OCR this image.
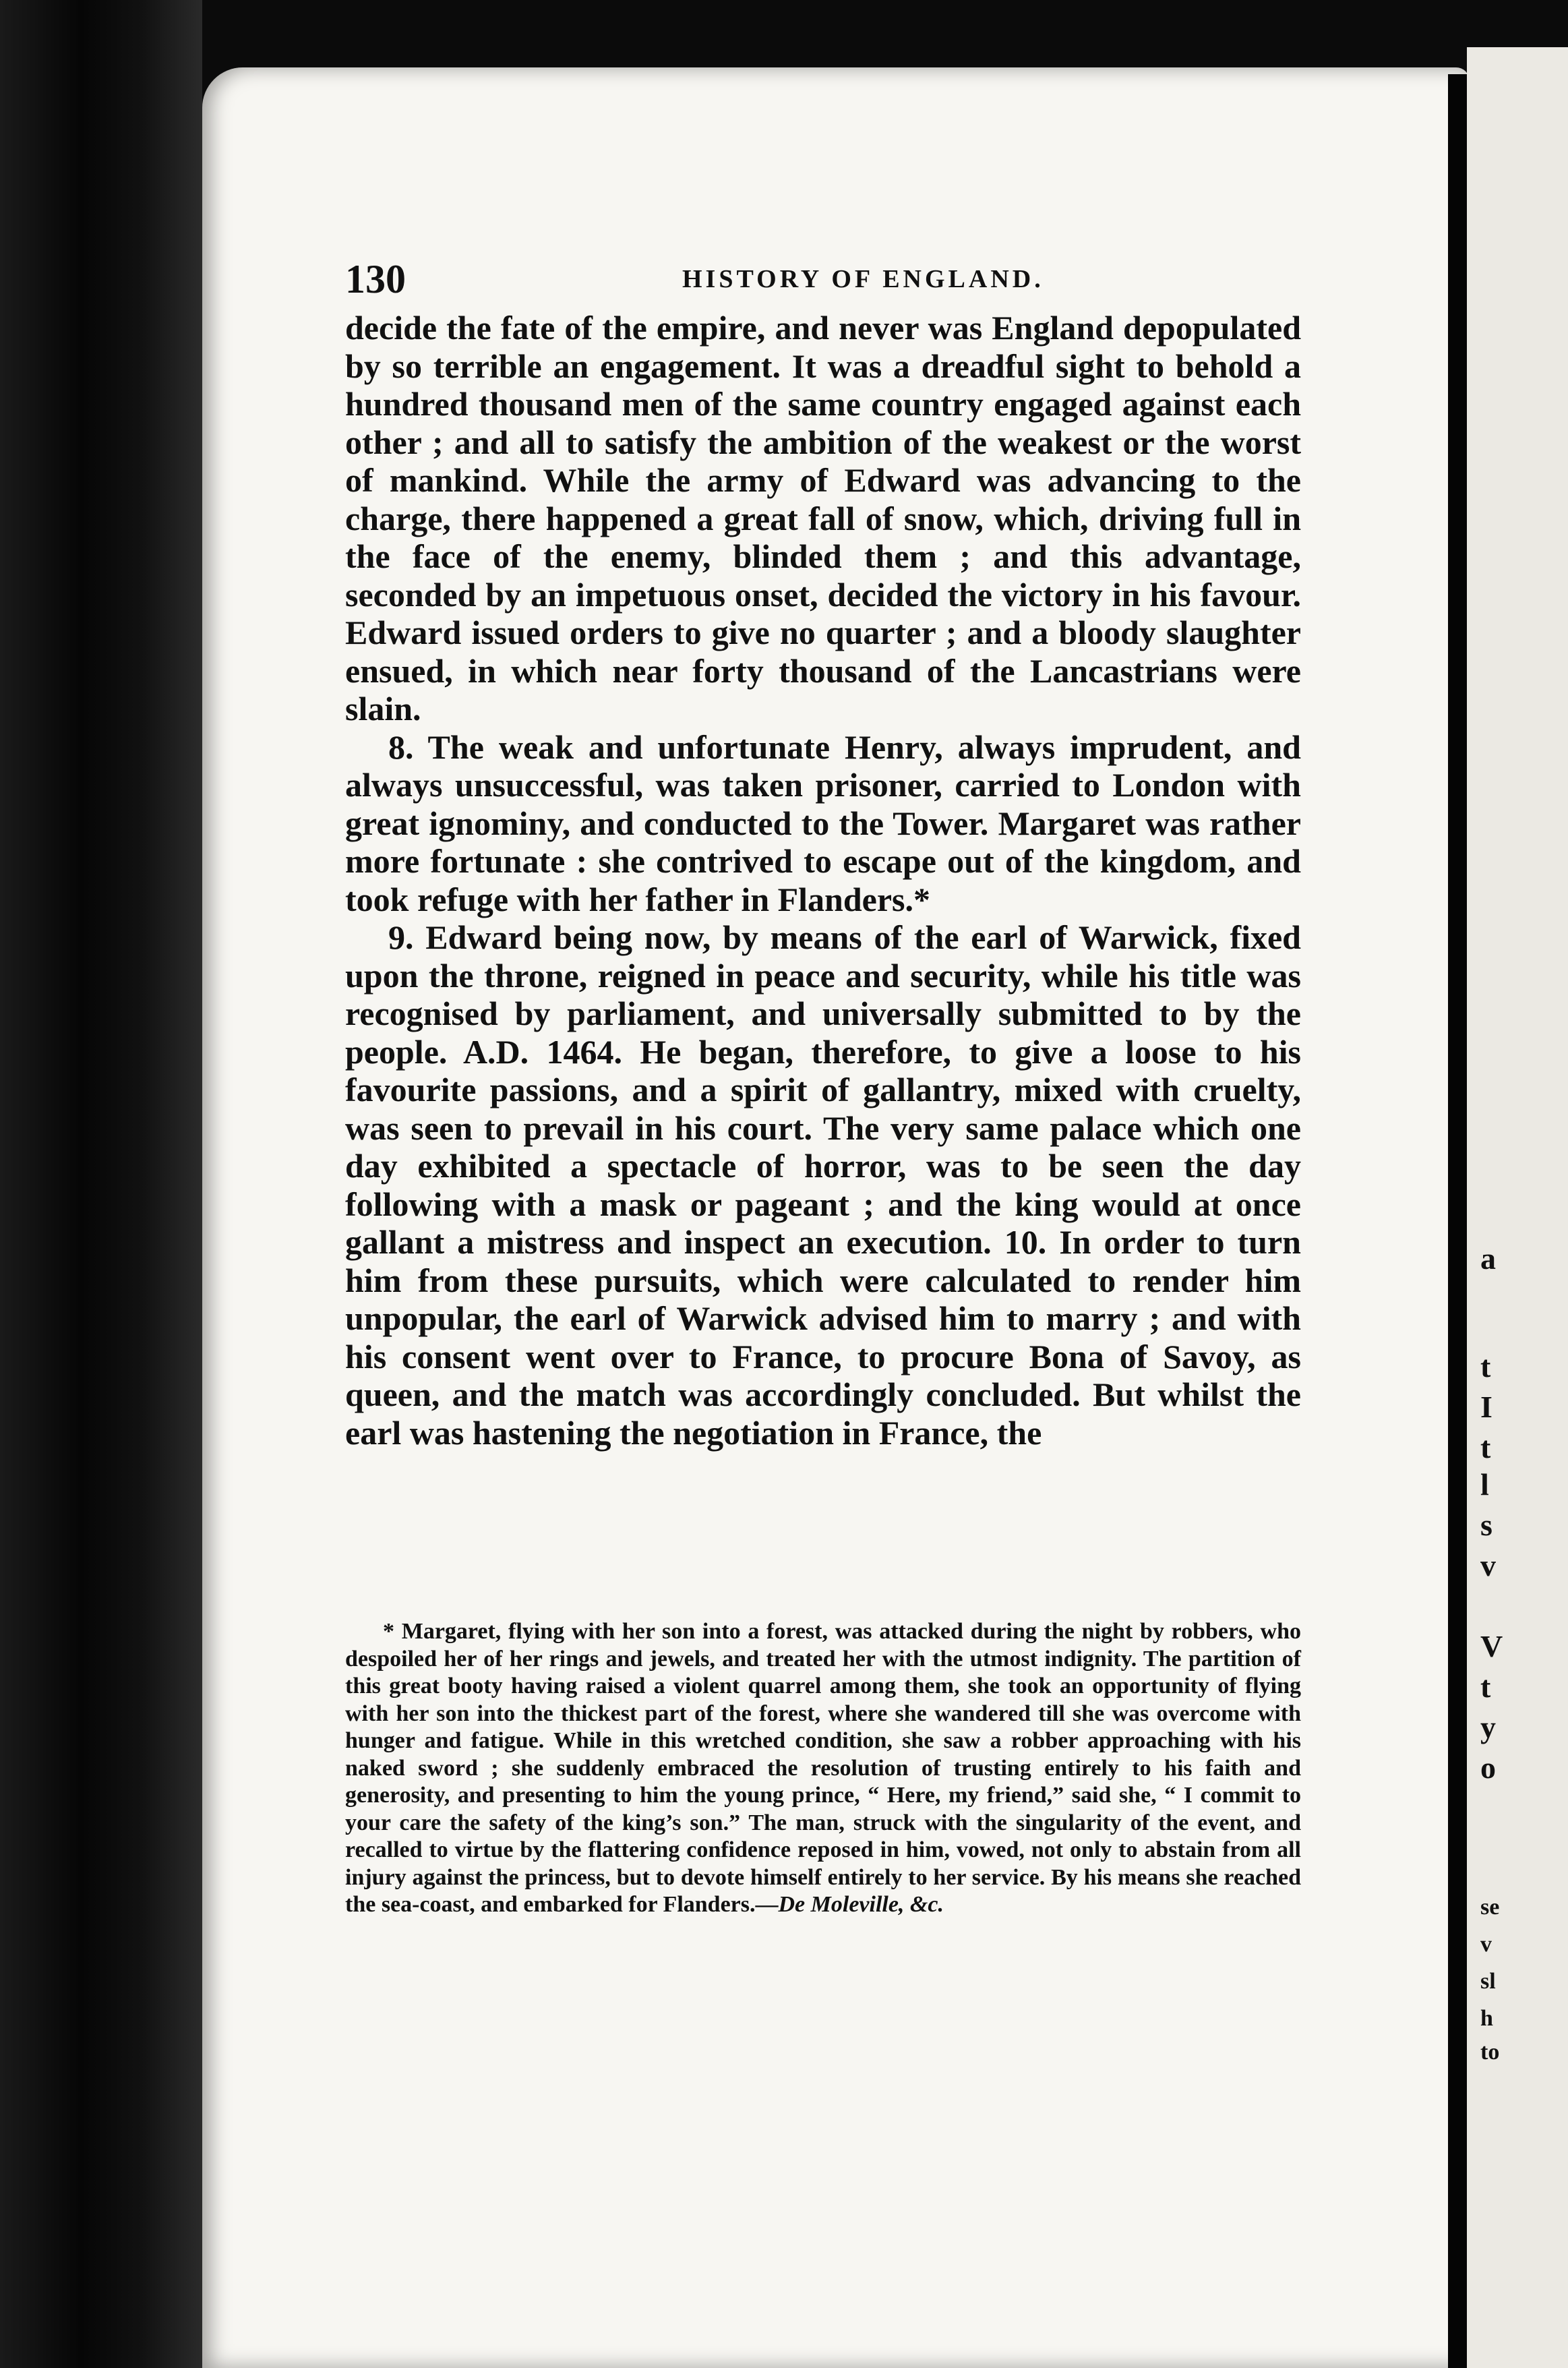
a
t
I
t
l
s
v
V
t
y
o
se
v
sl
h
to
130	HISTORY OF ENGLAND.

decide the fate of the empire, and never was England depopulated by so terrible an engagement. It was a dreadful sight to behold a hundred thousand men of the same country engaged against each other ; and all to satisfy the ambition of the weakest or the worst of mankind. While the army of Edward was advancing to the charge, there happened a great fall of snow, which, driving full in the face of the enemy, blinded them ; and this advantage, seconded by an impetuous onset, decided the victory in his favour. Edward issued orders to give no quarter ; and a bloody slaughter ensued, in which near forty thousand of the Lancastrians were slain.

8. The weak and unfortunate Henry, always imprudent, and always unsuccessful, was taken prisoner, carried to London with great ignominy, and conducted to the Tower. Margaret was rather more fortunate : she contrived to escape out of the kingdom, and took refuge with her father in Flanders.*

9. Edward being now, by means of the earl of Warwick, fixed upon the throne, reigned in peace and security, while his title was recognised by parliament, and universally submitted to by the people. A.D. 1464. He began, therefore, to give a loose to his favourite passions, and a spirit of gallantry, mixed with cruelty, was seen to prevail in his court. The very same palace which one day exhibited a spectacle of horror, was to be seen the day following with a mask or pageant ; and the king would at once gallant a mistress and inspect an execution. 10. In order to turn him from these pursuits, which were calculated to render him unpopular, the earl of Warwick advised him to marry ; and with his consent went over to France, to procure Bona of Savoy, as queen, and the match was accordingly concluded. But whilst the earl was hastening the negotiation in France, the

* Margaret, flying with her son into a forest, was attacked during the night by robbers, who despoiled her of her rings and jewels, and treated her with the utmost indignity. The partition of this great booty having raised a violent quarrel among them, she took an opportunity of flying with her son into the thickest part of the forest, where she wandered till she was overcome with hunger and fatigue. While in this wretched condition, she saw a robber approaching with his naked sword ; she suddenly embraced the resolution of trusting entirely to his faith and generosity, and presenting to him the young prince, “ Here, my friend,” said she, “ I commit to your care the safety of the king’s son.” The man, struck with the singularity of the event, and recalled to virtue by the flattering confidence reposed in him, vowed, not only to abstain from all injury against the princess, but to devote himself entirely to her service. By his means she reached the sea-coast, and embarked for Flanders.—De Moleville, &c.
